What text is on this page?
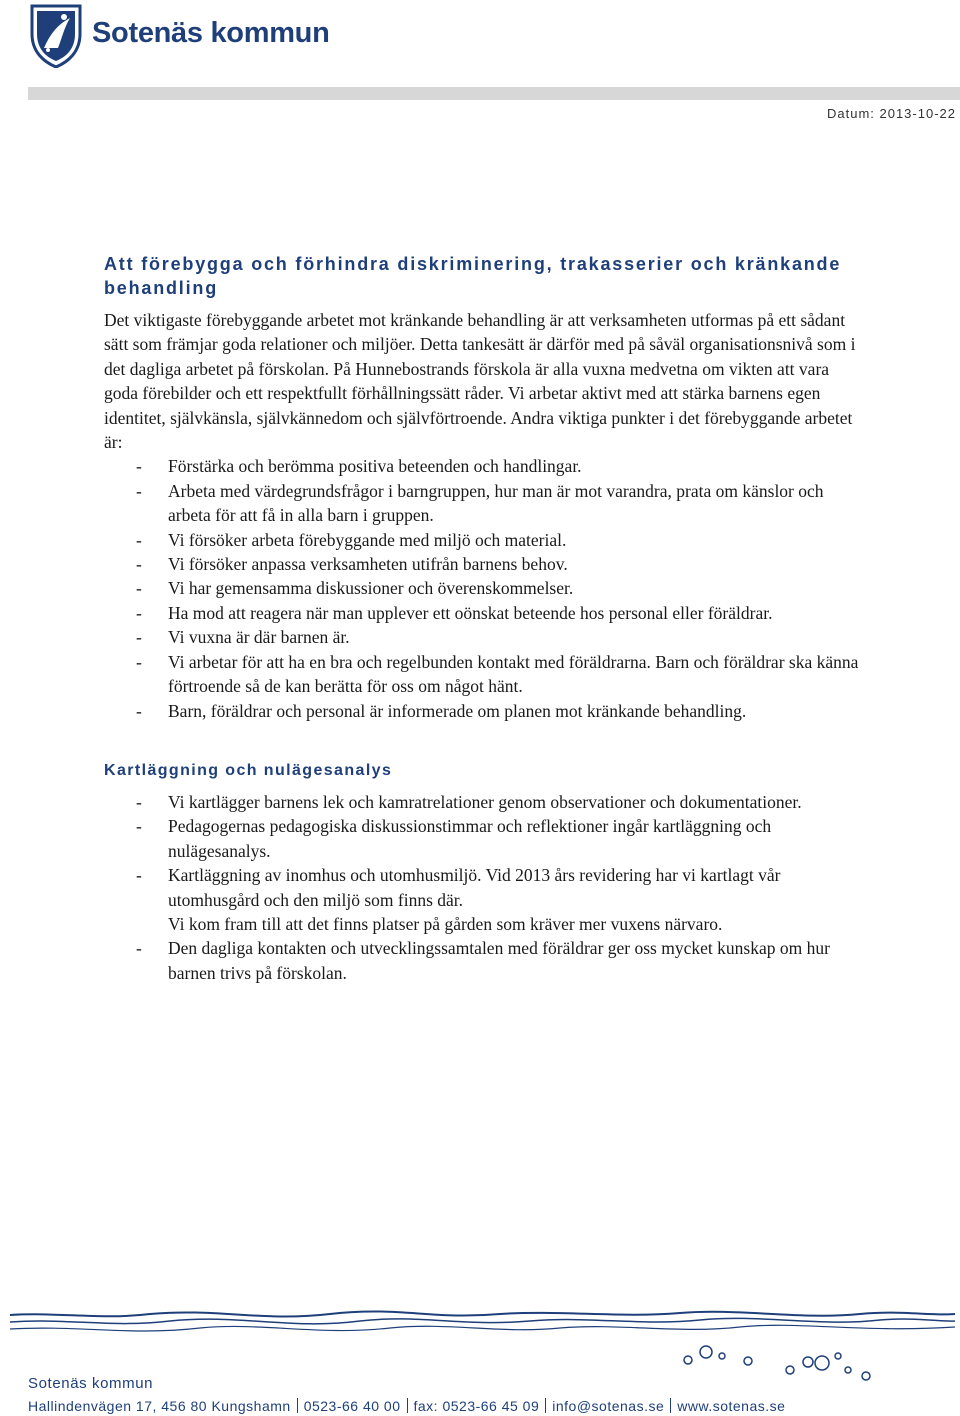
Sotenäs kommun
Datum: 2013-10-22
Att förebygga och förhindra diskriminering, trakasserier och kränkande behandling

Det viktigaste förebyggande arbetet mot kränkande behandling är att verksamheten utformas på ett sådant sätt som främjar goda relationer och miljöer. Detta tankesätt är därför med på såväl organisationsnivå som i det dagliga arbetet på förskolan. På Hunnebostrands förskola är alla vuxna medvetna om vikten att vara goda förebilder och ett respektfullt förhållningssätt råder. Vi arbetar aktivt med att stärka barnens egen identitet, självkänsla, självkännedom och självförtroende. Andra viktiga punkter i det förebyggande arbetet är:

- Förstärka och berömma positiva beteenden och handlingar.
- Arbeta med värdegrundsfrågor i barngruppen, hur man är mot varandra, prata om känslor och arbeta för att få in alla barn i gruppen.
- Vi försöker arbeta förebyggande med miljö och material.
- Vi försöker anpassa verksamheten utifrån barnens behov.
- Vi har gemensamma diskussioner och överenskommelser.
- Ha mod att reagera när man upplever ett oönskat beteende hos personal eller föräldrar.
- Vi vuxna är där barnen är.
- Vi arbetar för att ha en bra och regelbunden kontakt med föräldrarna. Barn och föräldrar ska känna förtroende så de kan berätta för oss om något hänt.
- Barn, föräldrar och personal är informerade om planen mot kränkande behandling.
Kartläggning och nulägesanalys
- Vi kartlägger barnens lek och kamratrelationer genom observationer och dokumentationer.
- Pedagogernas pedagogiska diskussionstimmar och reflektioner ingår kartläggning och nulägesanalys.
- Kartläggning av inomhus och utomhusmiljö. Vid 2013 års revidering har vi kartlagt vår utomhusgård och den miljö som finns där.
Vi kom fram till att det finns platser på gården som kräver mer vuxens närvaro.
- Den dagliga kontakten och utvecklingssamtalen med föräldrar ger oss mycket kunskap om hur barnen trivs på förskolan.
Sotenäs kommun
Hallindenvägen 17, 456 80 Kungshamn 0523-66 40 00 fax: 0523-66 45 09 info@sotenas.se www.sotenas.se
